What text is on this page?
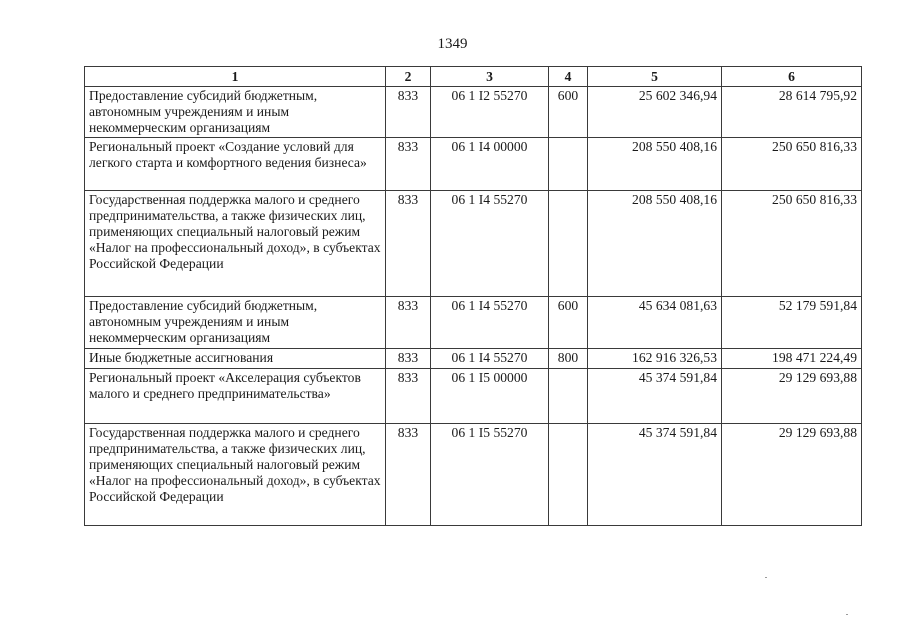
1349
1	2	3	4	5	6
Предоставление субсидий бюджетным, автономным учреждениям и иным некоммерческим организациям	833	06 1 I2 55270	600	25 602 346,94	28 614 795,92
Региональный проект «Создание условий для легкого старта и комфортного ведения бизнеса»	833	06 1 I4 00000		208 550 408,16	250 650 816,33
Государственная поддержка малого и среднего предпринимательства, а также физических лиц, применяющих специальный налоговый режим «Налог на профессиональный доход», в субъектах Российской Федерации	833	06 1 I4 55270		208 550 408,16	250 650 816,33
Предоставление субсидий бюджетным, автономным учреждениям и иным некоммерческим организациям	833	06 1 I4 55270	600	45 634 081,63	52 179 591,84
Иные бюджетные ассигнования	833	06 1 I4 55270	800	162 916 326,53	198 471 224,49
Региональный проект «Акселерация субъектов малого и среднего предпринимательства»	833	06 1 I5 00000		45 374 591,84	29 129 693,88
Государственная поддержка малого и среднего предпринимательства, а также физических лиц, применяющих специальный налоговый режим «Налог на профессиональный доход», в субъектах Российской Федерации	833	06 1 I5 55270		45 374 591,84	29 129 693,88
